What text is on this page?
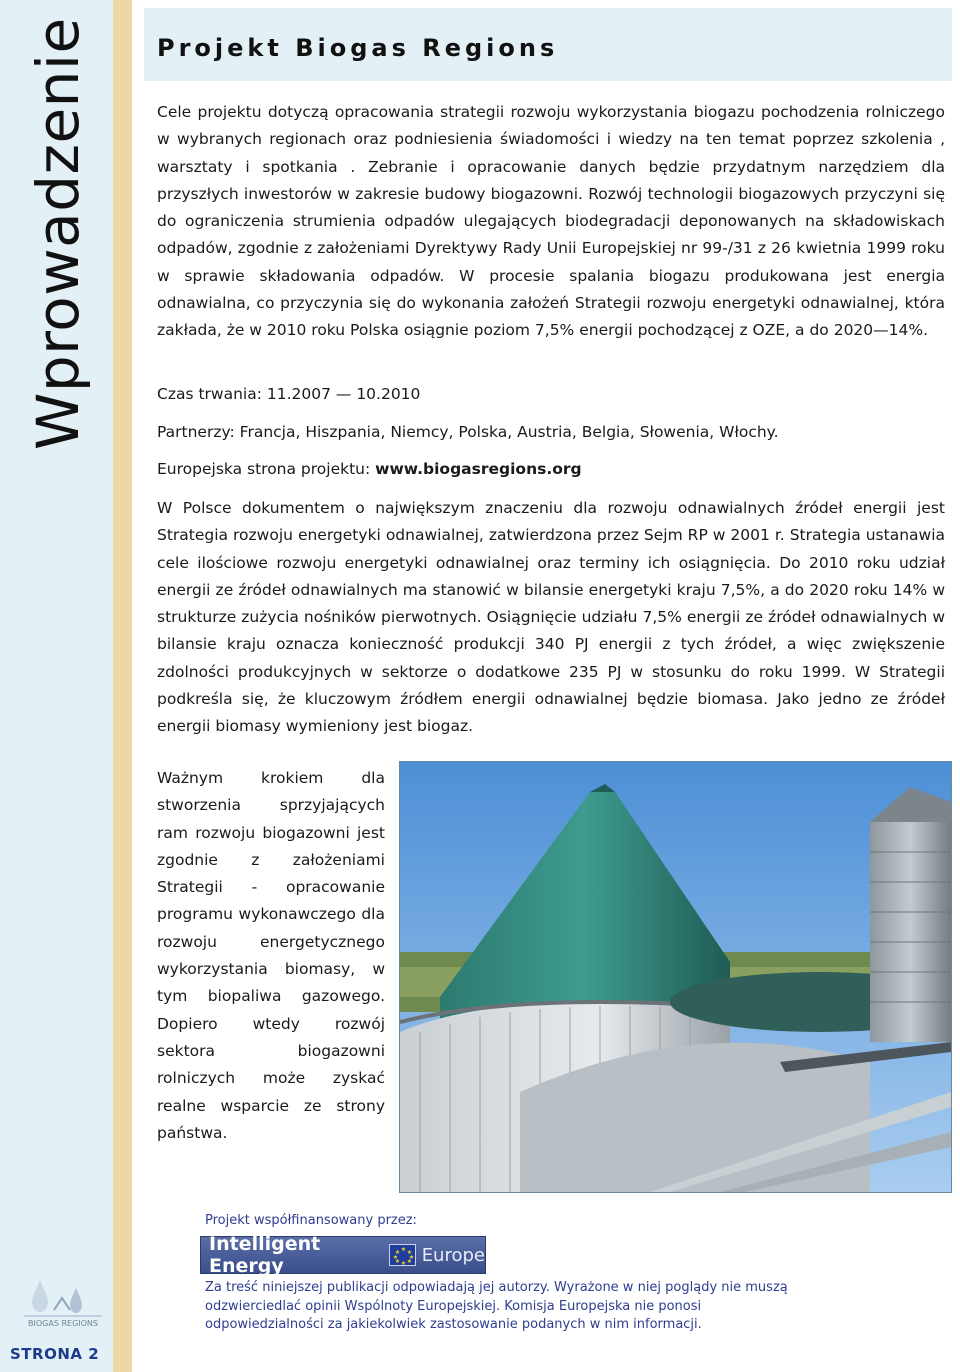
Wprowadzenie	Projekt Biogas Regions

Cele projektu dotyczą opracowania strategii rozwoju wykorzystania biogazu pochodzenia rolniczego w wybranych regionach oraz podniesienia świadomości i wiedzy na ten temat poprzez szkolenia , warsztaty i spotkania . Zebranie i opracowanie danych będzie przydatnym narzędziem dla przyszłych inwestorów w zakresie budowy biogazowni. Rozwój technologii biogazowych przyczyni się do ograniczenia strumienia odpadów ulegających biodegradacji deponowanych na składowiskach odpadów, zgodnie z założeniami Dyrektywy Rady Unii Europejskiej nr 99-/31 z 26 kwietnia 1999 roku w sprawie składowania odpadów. W procesie spalania biogazu produkowana jest energia odnawialna, co przyczynia się do wykonania założeń Strategii rozwoju energetyki odnawialnej, która zakłada, że w 2010 roku Polska osiągnie poziom 7,5% energii pochodzącej z OZE, a do 2020—14%.

Czas trwania: 11.2007 — 10.2010

Partnerzy: Francja, Hiszpania, Niemcy, Polska, Austria, Belgia, Słowenia, Włochy.

Europejska strona projektu: www.biogasregions.org

W Polsce dokumentem o największym znaczeniu dla rozwoju odnawialnych źródeł energii jest Strategia rozwoju energetyki odnawialnej, zatwierdzona przez Sejm RP w 2001 r. Strategia ustanawia cele ilościowe rozwoju energetyki odnawialnej oraz terminy ich osiągnięcia. Do 2010 roku udział energii ze źródeł odnawialnych ma stanowić w bilansie energetyki kraju 7,5%, a do 2020 roku 14% w strukturze zużycia nośników pierwotnych. Osiągnięcie udziału 7,5% energii ze źródeł odnawialnych w bilansie kraju oznacza konieczność produkcji 340 PJ energii z tych źródeł, a więc zwiększenie zdolności produkcyjnych w sektorze o dodatkowe 235 PJ w stosunku do roku 1999. W Strategii podkreśla się, że kluczowym źródłem energii odnawialnej będzie biomasa. Jako jedno ze źródeł energii biomasy wymieniony jest biogaz.

Ważnym krokiem dla stworzenia sprzyjających ram rozwoju biogazowni jest zgodnie z założeniami Strategii - opracowanie programu wykonawczego dla rozwoju energetycznego wykorzystania biomasy, w tym biopaliwa gazowego. Dopiero wtedy rozwój sektora biogazowni rolniczych może zyskać realne wsparcie ze strony państwa.

Projekt współfinansowany przez:

Intelligent Energy
★ ★
★
★
★
★
★
★ Europe

Za treść niniejszej publikacji odpowiadają jej autorzy. Wyrażone w niej poglądy nie muszą odzwierciedlać opinii Wspólnoty Europejskiej. Komisja Europejska nie ponosi odpowiedzialności za jakiekolwiek zastosowanie podanych w nim informacji.

BIOGAS REGIONS
STRONA 2
